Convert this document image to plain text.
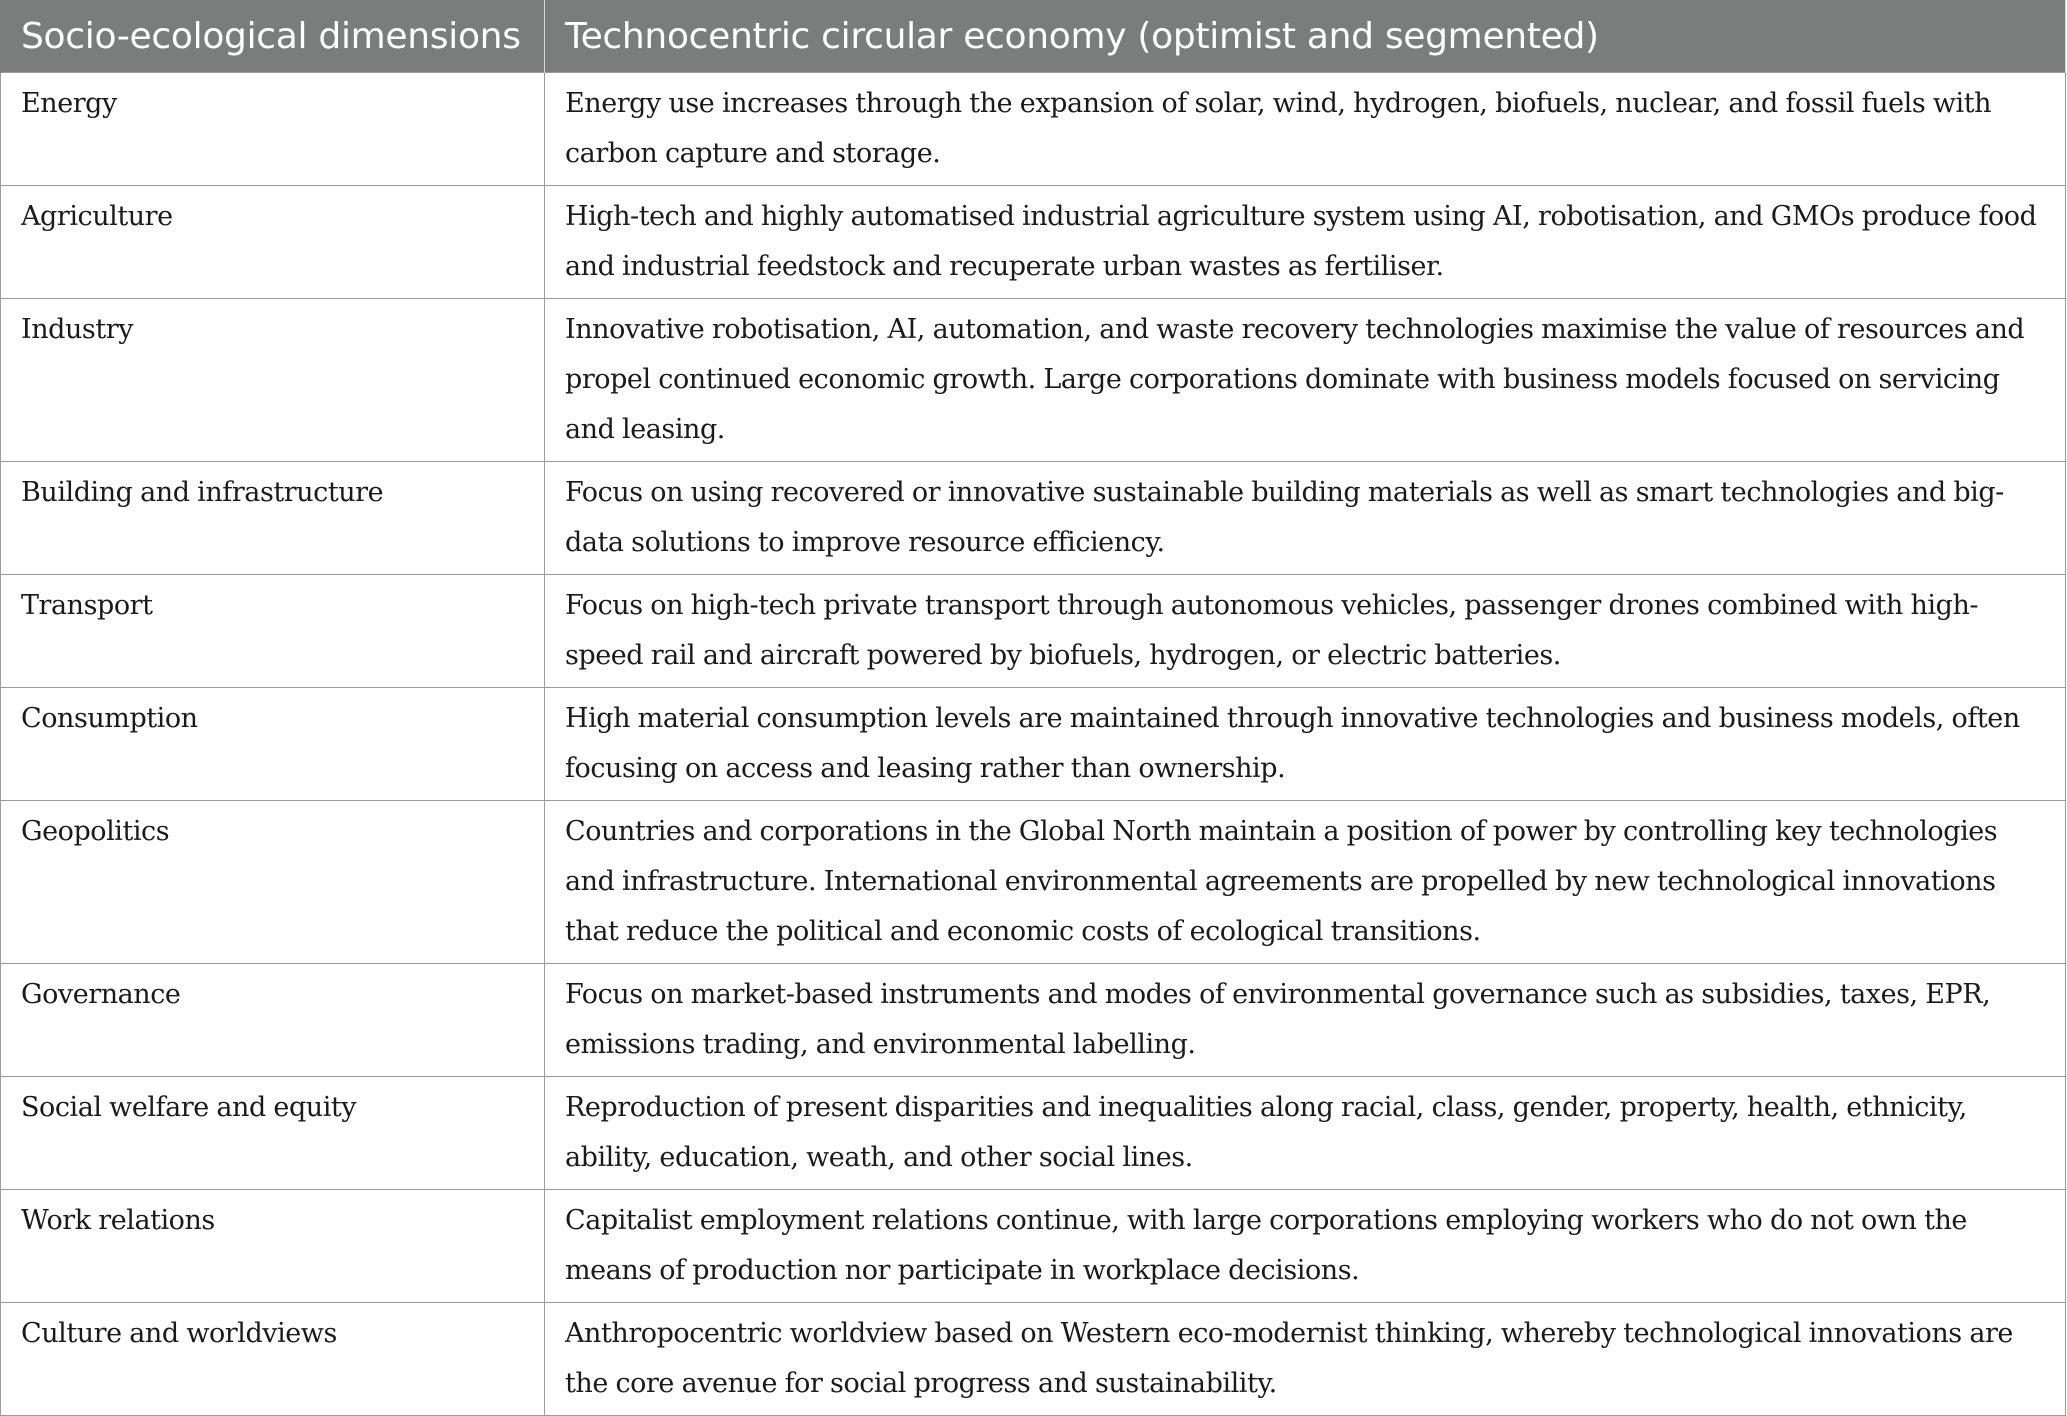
Socio-ecological dimensions	Technocentric circular economy (optimist and segmented)
Energy	Energy use increases through the expansion of solar, wind, hydrogen, biofuels, nuclear, and fossil fuels with carbon capture and storage.
Agriculture	High-tech and highly automatised industrial agriculture system using AI, robotisation, and GMOs produce food and industrial feedstock and recuperate urban wastes as fertiliser.
Industry	Innovative robotisation, AI, automation, and waste recovery technologies maximise the value of resources and propel continued economic growth. Large corporations dominate with business models focused on servicing and leasing.
Building and infrastructure	Focus on using recovered or innovative sustainable building materials as well as smart technologies and big-data solutions to improve resource efficiency.
Transport	Focus on high-tech private transport through autonomous vehicles, passenger drones combined with high-speed rail and aircraft powered by biofuels, hydrogen, or electric batteries.
Consumption	High material consumption levels are maintained through innovative technologies and business models, often focusing on access and leasing rather than ownership.
Geopolitics	Countries and corporations in the Global North maintain a position of power by controlling key technologies and infrastructure. International environmental agreements are propelled by new technological innovations that reduce the political and economic costs of ecological transitions.
Governance	Focus on market-based instruments and modes of environmental governance such as subsidies, taxes, EPR, emissions trading, and environmental labelling.
Social welfare and equity	Reproduction of present disparities and inequalities along racial, class, gender, property, health, ethnicity, ability, education, weath, and other social lines.
Work relations	Capitalist employment relations continue, with large corporations employing workers who do not own the means of production nor participate in workplace decisions.
Culture and worldviews	Anthropocentric worldview based on Western eco-modernist thinking, whereby technological innovations are the core avenue for social progress and sustainability.
